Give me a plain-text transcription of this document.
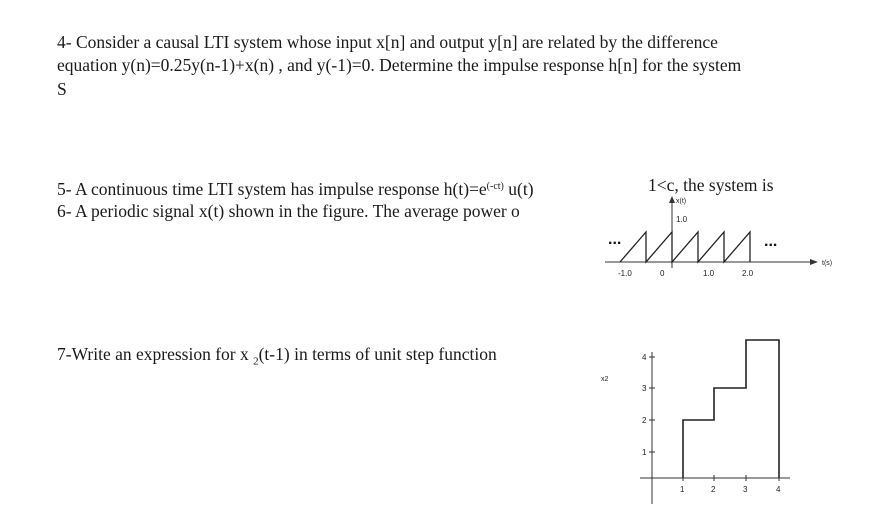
4- Consider a causal LTI system whose input x[n] and output y[n] are related by the difference
equation y(n)=0.25y(n-1)+x(n) , and y(-1)=0. Determine the impulse response h[n] for the system
S
5- A continuous time LTI system has impulse response $h(t)=e^{(-ct)}$ u(t)	1<c, the system is
6- A periodic signal x(t) shown in the figure. The average power o
7-Write an expression for x $_2$(t-1) in terms of unit step function
x(t)
1.0
...	...
-1.0	0	1.0	2.0
t(s)
x2
1
2
3
4
1	2	3	4
